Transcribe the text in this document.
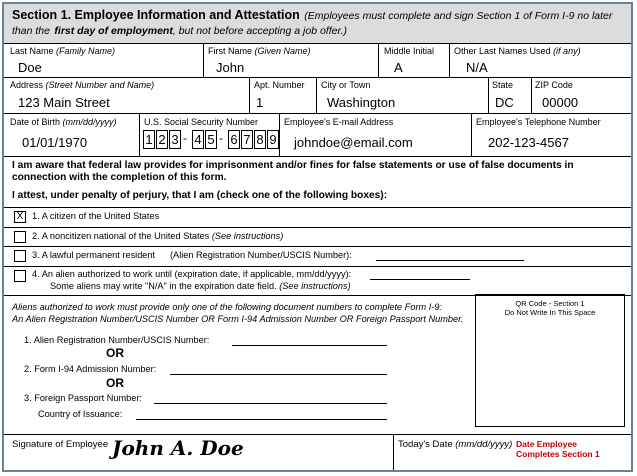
Section 1. Employee Information and Attestation (Employees must complete and sign Section 1 of Form I-9 no later
than the first day of employment, but not before accepting a job offer.)
Last Name (Family Name)
Doe
First Name (Given Name)
John
Middle Initial
A
Other Last Names Used (if any)
N/A
Address (Street Number and Name)
123 Main Street
Apt. Number
1
City or Town
Washington
State
DC
ZIP Code
00000
Date of Birth (mm/dd/yyyy)
01/01/1970
U.S. Social Security Number
1 2 3 - 4 5 - 6 7 8 9
Employee's E-mail Address
johndoe@email.com
Employee's Telephone Number
202-123-4567
I am aware that federal law provides for imprisonment and/or fines for false statements or use of false documents in connection with the completion of this form.
I attest, under penalty of perjury, that I am (check one of the following boxes):
X 1. A citizen of the United States
2. A noncitizen national of the United States (See instructions)
3. A lawful permanent resident (Alien Registration Number/USCIS Number):
4. An alien authorized to work until (expiration date, if applicable, mm/dd/yyyy):
Some aliens may write "N/A" in the expiration date field. (See instructions)
Aliens authorized to work must provide only one of the following document numbers to complete Form I-9:
An Alien Registration Number/USCIS Number OR Form I-94 Admission Number OR Foreign Passport Number.
1. Alien Registration Number/USCIS Number:
OR
2. Form I-94 Admission Number:
OR
3. Foreign Passport Number:
Country of Issuance:
QR Code - Section 1
Do Not Write In This Space
Signature of Employee John A. Doe	Today's Date (mm/dd/yyyy) Date Employee
Completes Section 1
